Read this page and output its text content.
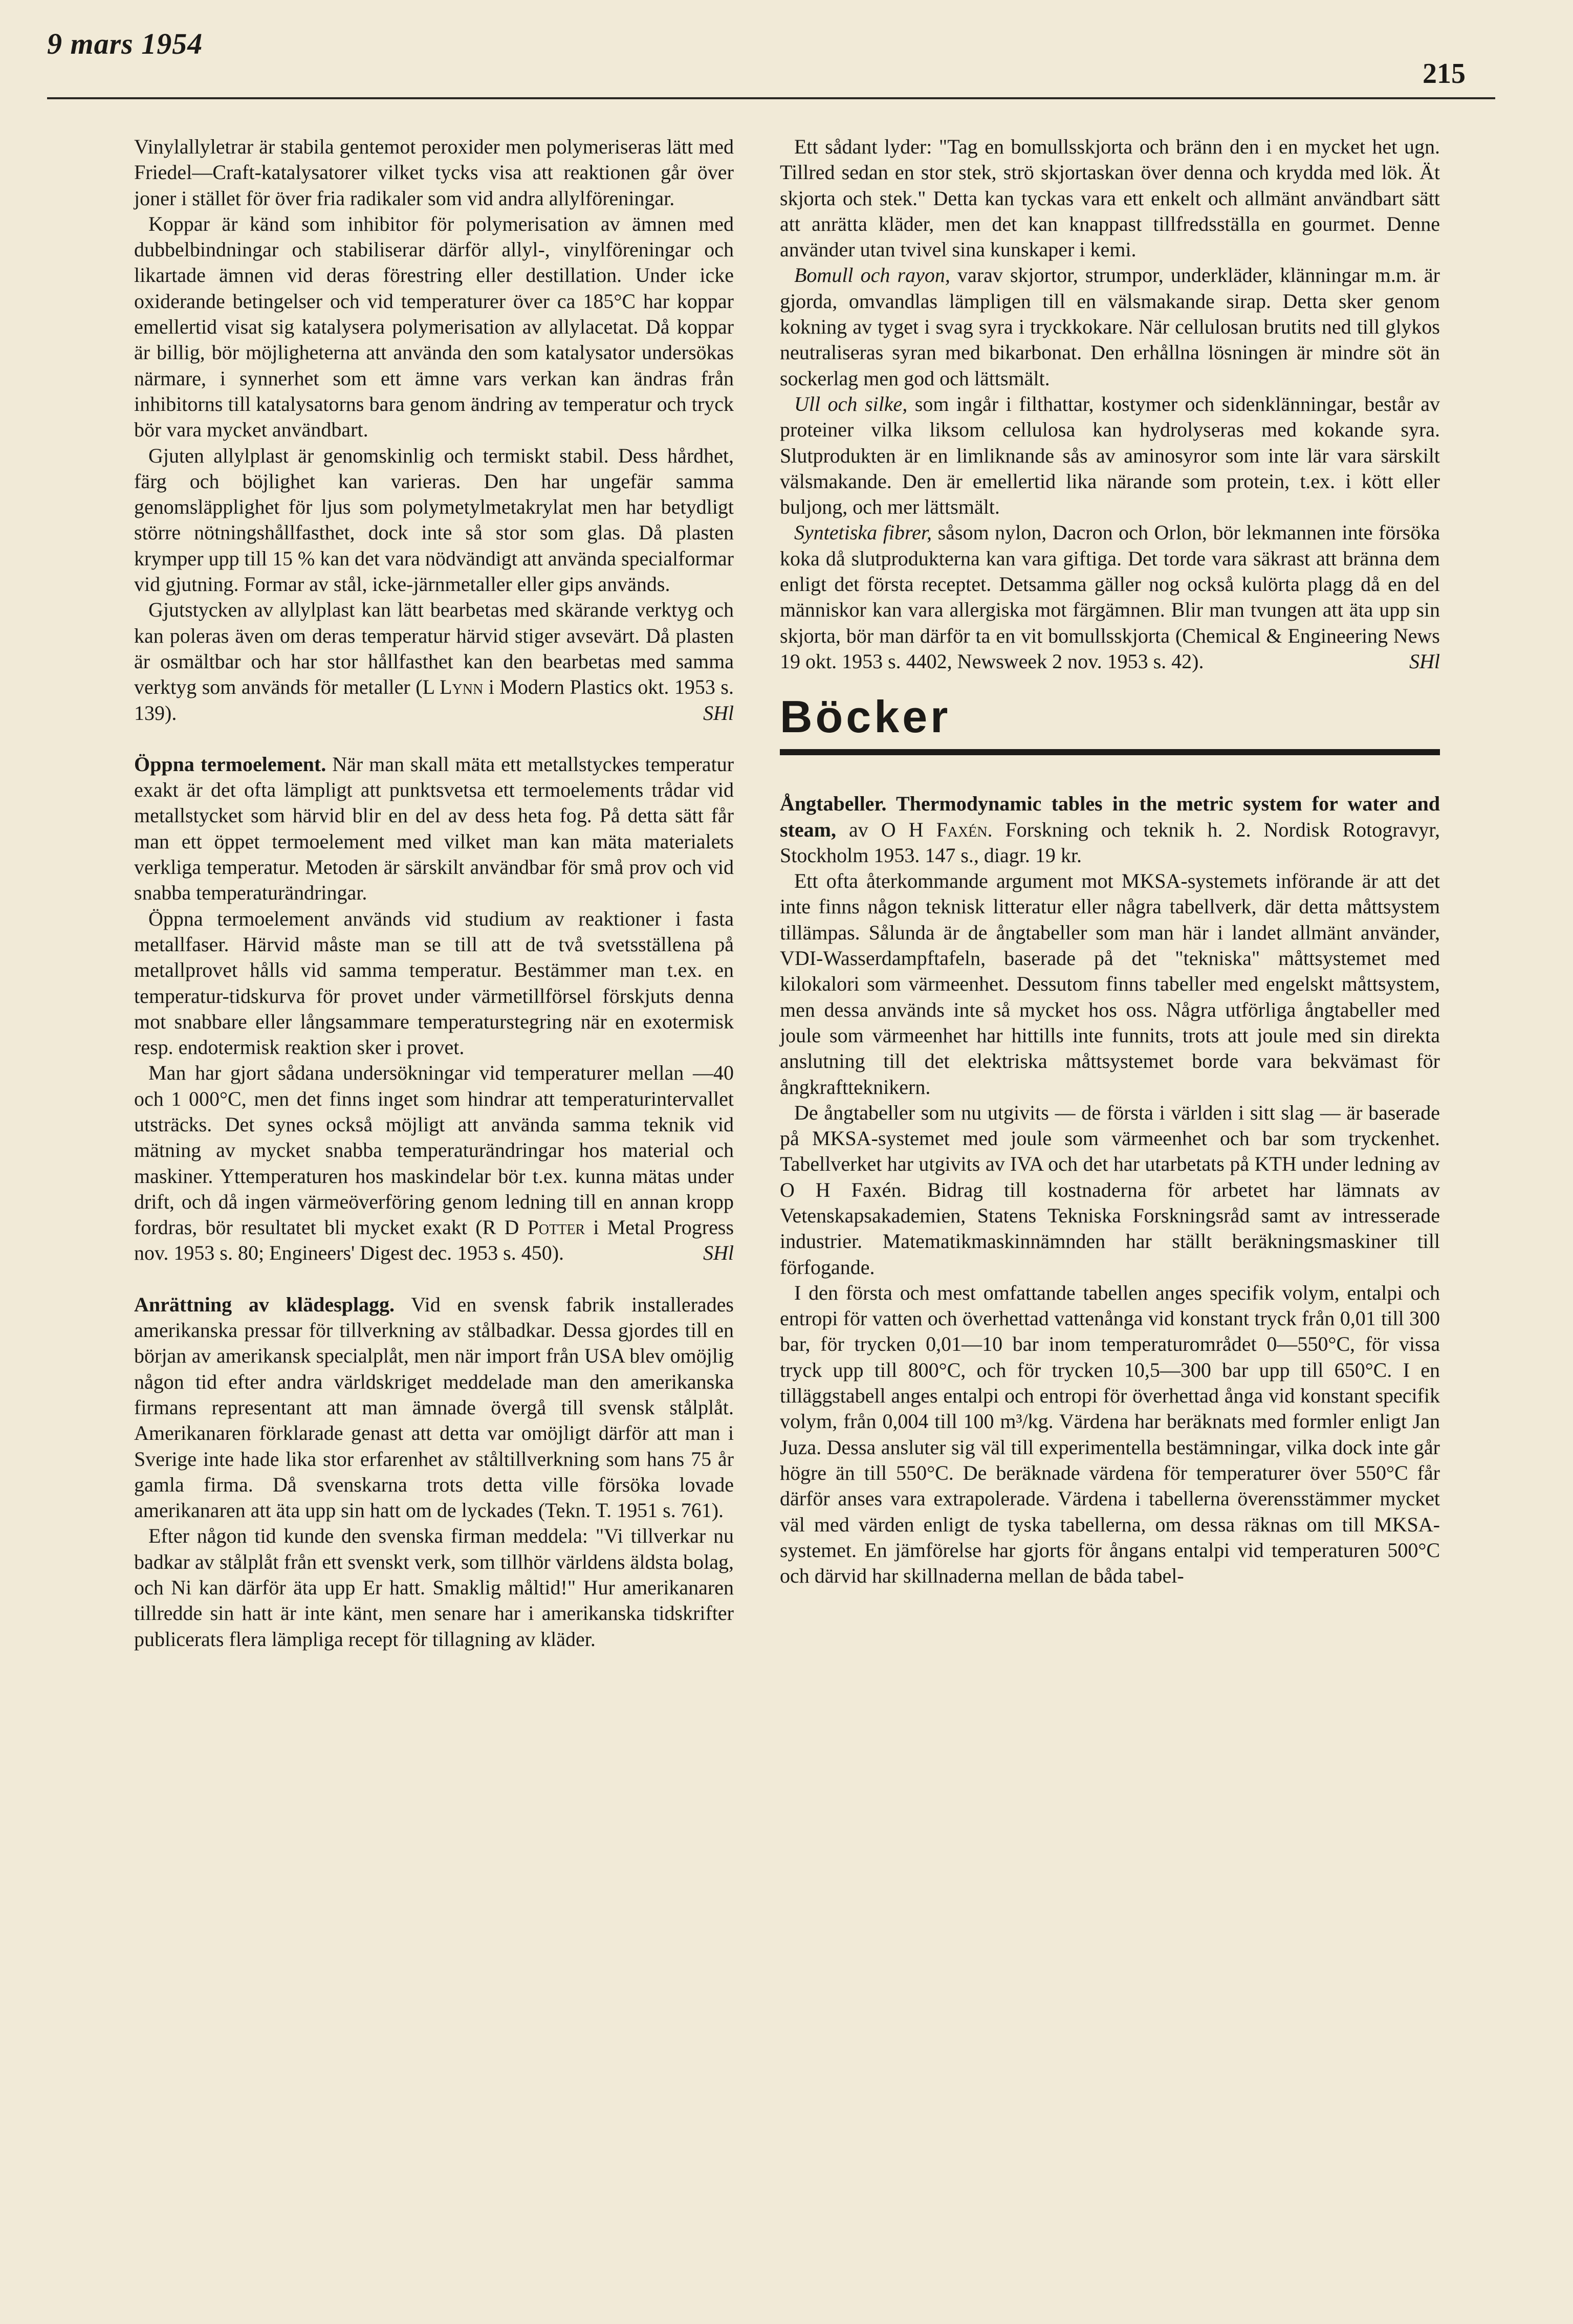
9 mars 1954
215

Vinylallyletrar är stabila gentemot peroxider men polymeriseras lätt med Friedel—Craft-katalysatorer vilket tycks visa att reaktionen går över joner i stället för över fria radikaler som vid andra allylföreningar.

Koppar är känd som inhibitor för polymerisation av ämnen med dubbelbindningar och stabiliserar därför allyl-, vinylföreningar och likartade ämnen vid deras förestring eller destillation. Under icke oxiderande betingelser och vid temperaturer över ca 185°C har koppar emellertid visat sig katalysera polymerisation av allylacetat. Då koppar är billig, bör möjligheterna att använda den som katalysator undersökas närmare, i synnerhet som ett ämne vars verkan kan ändras från inhibitorns till katalysatorns bara genom ändring av temperatur och tryck bör vara mycket användbart.

Gjuten allylplast är genomskinlig och termiskt stabil. Dess hårdhet, färg och böjlighet kan varieras. Den har ungefär samma genomsläpplighet för ljus som polymetylmetakrylat men har betydligt större nötningshållfasthet, dock inte så stor som glas. Då plasten krymper upp till 15 % kan det vara nödvändigt att använda specialformar vid gjutning. Formar av stål, icke-järnmetaller eller gips används.

Gjutstycken av allylplast kan lätt bearbetas med skärande verktyg och kan poleras även om deras temperatur härvid stiger avsevärt. Då plasten är osmältbar och har stor hållfasthet kan den bearbetas med samma verktyg som används för metaller (L Lynn i Modern Plastics okt. 1953 s. 139).	SHl

Öppna termoelement. När man skall mäta ett metallstyckes temperatur exakt är det ofta lämpligt att punktsvetsa ett termoelements trådar vid metallstycket som härvid blir en del av dess heta fog. På detta sätt får man ett öppet termoelement med vilket man kan mäta materialets verkliga temperatur. Metoden är särskilt användbar för små prov och vid snabba temperaturändringar.

Öppna termoelement används vid studium av reaktioner i fasta metallfaser. Härvid måste man se till att de två svetsställena på metallprovet hålls vid samma temperatur. Bestämmer man t.ex. en temperatur-tidskurva för provet under värmetillförsel förskjuts denna mot snabbare eller långsammare temperaturstegring när en exotermisk resp. endotermisk reaktion sker i provet.

Man har gjort sådana undersökningar vid temperaturer mellan —40 och 1 000°C, men det finns inget som hindrar att temperaturintervallet utsträcks. Det synes också möjligt att använda samma teknik vid mätning av mycket snabba temperaturändringar hos material och maskiner. Yttemperaturen hos maskindelar bör t.ex. kunna mätas under drift, och då ingen värmeöverföring genom ledning till en annan kropp fordras, bör resultatet bli mycket exakt (R D Potter i Metal Progress nov. 1953 s. 80; Engineers' Digest dec. 1953 s. 450).	SHl

Anrättning av klädesplagg. Vid en svensk fabrik installerades amerikanska pressar för tillverkning av stålbadkar. Dessa gjordes till en början av amerikansk specialplåt, men när import från USA blev omöjlig någon tid efter andra världskriget meddelade man den amerikanska firmans representant att man ämnade övergå till svensk stålplåt. Amerikanaren förklarade genast att detta var omöjligt därför att man i Sverige inte hade lika stor erfarenhet av ståltillverkning som hans 75 år gamla firma. Då svenskarna trots detta ville försöka lovade amerikanaren att äta upp sin hatt om de lyckades (Tekn. T. 1951 s. 761).

Efter någon tid kunde den svenska firman meddela: "Vi tillverkar nu badkar av stålplåt från ett svenskt verk, som tillhör världens äldsta bolag, och Ni kan därför äta upp Er hatt. Smaklig måltid!" Hur amerikanaren tillredde sin hatt är inte känt, men senare har i amerikanska tidskrifter publicerats flera lämpliga recept för tillagning av kläder.

Ett sådant lyder: "Tag en bomullsskjorta och bränn den i en mycket het ugn. Tillred sedan en stor stek, strö skjortaskan över denna och krydda med lök. Ät skjorta och stek." Detta kan tyckas vara ett enkelt och allmänt användbart sätt att anrätta kläder, men det kan knappast tillfredsställa en gourmet. Denne använder utan tvivel sina kunskaper i kemi.

Bomull och rayon, varav skjortor, strumpor, underkläder, klänningar m.m. är gjorda, omvandlas lämpligen till en välsmakande sirap. Detta sker genom kokning av tyget i svag syra i tryckkokare. När cellulosan brutits ned till glykos neutraliseras syran med bikarbonat. Den erhållna lösningen är mindre söt än sockerlag men god och lättsmält.

Ull och silke, som ingår i filthattar, kostymer och sidenklänningar, består av proteiner vilka liksom cellulosa kan hydrolyseras med kokande syra. Slutprodukten är en limliknande sås av aminosyror som inte lär vara särskilt välsmakande. Den är emellertid lika närande som protein, t.ex. i kött eller buljong, och mer lättsmält.

Syntetiska fibrer, såsom nylon, Dacron och Orlon, bör lekmannen inte försöka koka då slutprodukterna kan vara giftiga. Det torde vara säkrast att bränna dem enligt det första receptet. Detsamma gäller nog också kulörta plagg då en del människor kan vara allergiska mot färgämnen. Blir man tvungen att äta upp sin skjorta, bör man därför ta en vit bomullsskjorta (Chemical & Engineering News 19 okt. 1953 s. 4402, Newsweek 2 nov. 1953 s. 42).	SHl

Böcker

Ångtabeller. Thermodynamic tables in the metric system for water and steam, av O H Faxén. Forskning och teknik h. 2. Nordisk Rotogravyr, Stockholm 1953. 147 s., diagr. 19 kr.

Ett ofta återkommande argument mot MKSA-systemets införande är att det inte finns någon teknisk litteratur eller några tabellverk, där detta måttsystem tillämpas. Sålunda är de ångtabeller som man här i landet allmänt använder, VDI-Wasserdampftafeln, baserade på det "tekniska" måttsystemet med kilokalori som värmeenhet. Dessutom finns tabeller med engelskt måttsystem, men dessa används inte så mycket hos oss. Några utförliga ångtabeller med joule som värmeenhet har hittills inte funnits, trots att joule med sin direkta anslutning till det elektriska måttsystemet borde vara bekvämast för ångkraftteknikern.

De ångtabeller som nu utgivits — de första i världen i sitt slag — är baserade på MKSA-systemet med joule som värmeenhet och bar som tryckenhet. Tabellverket har utgivits av IVA och det har utarbetats på KTH under ledning av O H Faxén. Bidrag till kostnaderna för arbetet har lämnats av Vetenskapsakademien, Statens Tekniska Forskningsråd samt av intresserade industrier. Matematikmaskinnämnden har ställt beräkningsmaskiner till förfogande.

I den första och mest omfattande tabellen anges specifik volym, entalpi och entropi för vatten och överhettad vattenånga vid konstant tryck från 0,01 till 300 bar, för trycken 0,01—10 bar inom temperaturområdet 0—550°C, för vissa tryck upp till 800°C, och för trycken 10,5—300 bar upp till 650°C. I en tilläggstabell anges entalpi och entropi för överhettad ånga vid konstant specifik volym, från 0,004 till 100 m³/kg. Värdena har beräknats med formler enligt Jan Juza. Dessa ansluter sig väl till experimentella bestämningar, vilka dock inte går högre än till 550°C. De beräknade värdena för temperaturer över 550°C får därför anses vara extrapolerade. Värdena i tabellerna överensstämmer mycket väl med värden enligt de tyska tabellerna, om dessa räknas om till MKSA- systemet. En jämförelse har gjorts för ångans entalpi vid temperaturen 500°C och därvid har skillnaderna mellan de båda tabel-
